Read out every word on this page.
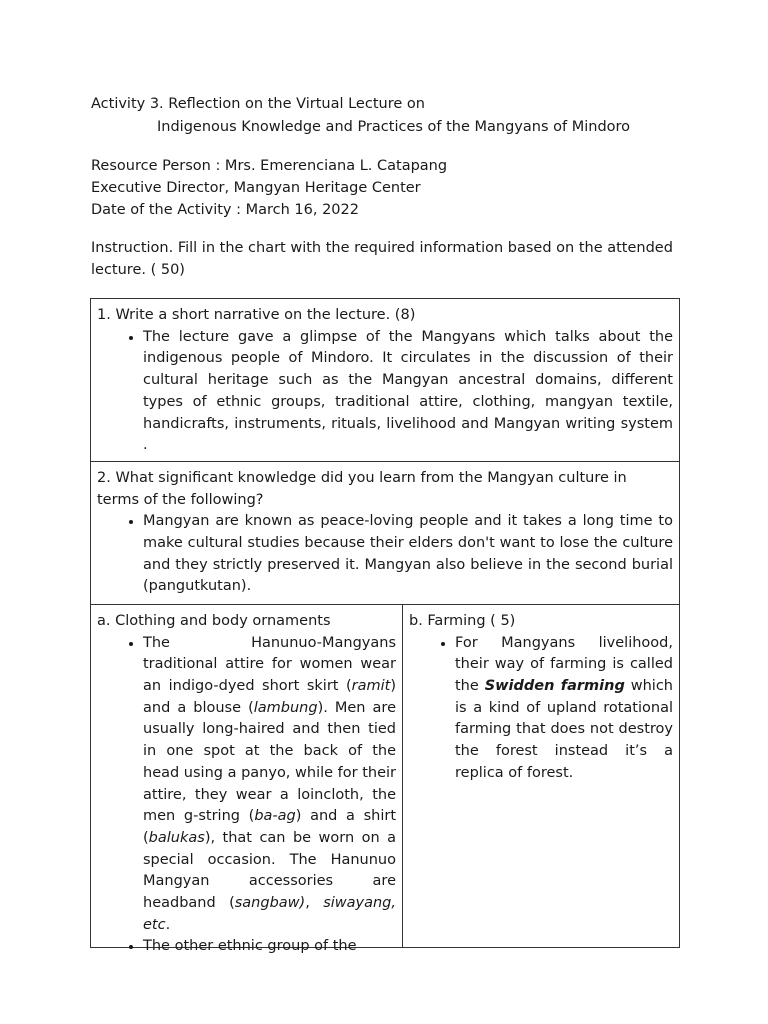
Activity 3. Reflection on the Virtual Lecture on
Indigenous Knowledge and Practices of the Mangyans of Mindoro
Resource Person : Mrs. Emerenciana L. Catapang
Executive Director, Mangyan Heritage Center
Date of the Activity : March 16, 2022
Instruction. Fill in the chart with the required information based on the attended lecture. ( 50)

1. Write a short narrative on the lecture. (8)

• The lecture gave a glimpse of the Mangyans which talks about the indigenous people of Mindoro. It circulates in the discussion of their cultural heritage such as the Mangyan ancestral domains, different types of ethnic groups, traditional attire, clothing, mangyan textile, handicrafts, instruments, rituals, livelihood and Mangyan writing system .

2. What significant knowledge did you learn from the Mangyan culture in terms of the following?

• Mangyan are known as peace-loving people and it takes a long time to make cultural studies because their elders don't want to lose the culture and they strictly preserved it. Mangyan also believe in the second burial (pangutkutan).

a. Clothing and body ornaments

• The Hanunuo-Mangyans traditional attire for women wear an indigo-dyed short skirt (ramit) and a blouse (lambung). Men are usually long-haired and then tied in one spot at the back of the head using a panyo, while for their attire, they wear a loincloth, the men g-string (ba-ag) and a shirt (balukas), that can be worn on a special occasion. The Hanunuo Mangyan accessories are headband (sangbaw), siwayang, etc.
• The other ethnic group of the

b. Farming ( 5)

• For Mangyans livelihood, their way of farming is called the Swidden farming which is a kind of upland rotational farming that does not destroy the forest instead it’s a replica of forest.
